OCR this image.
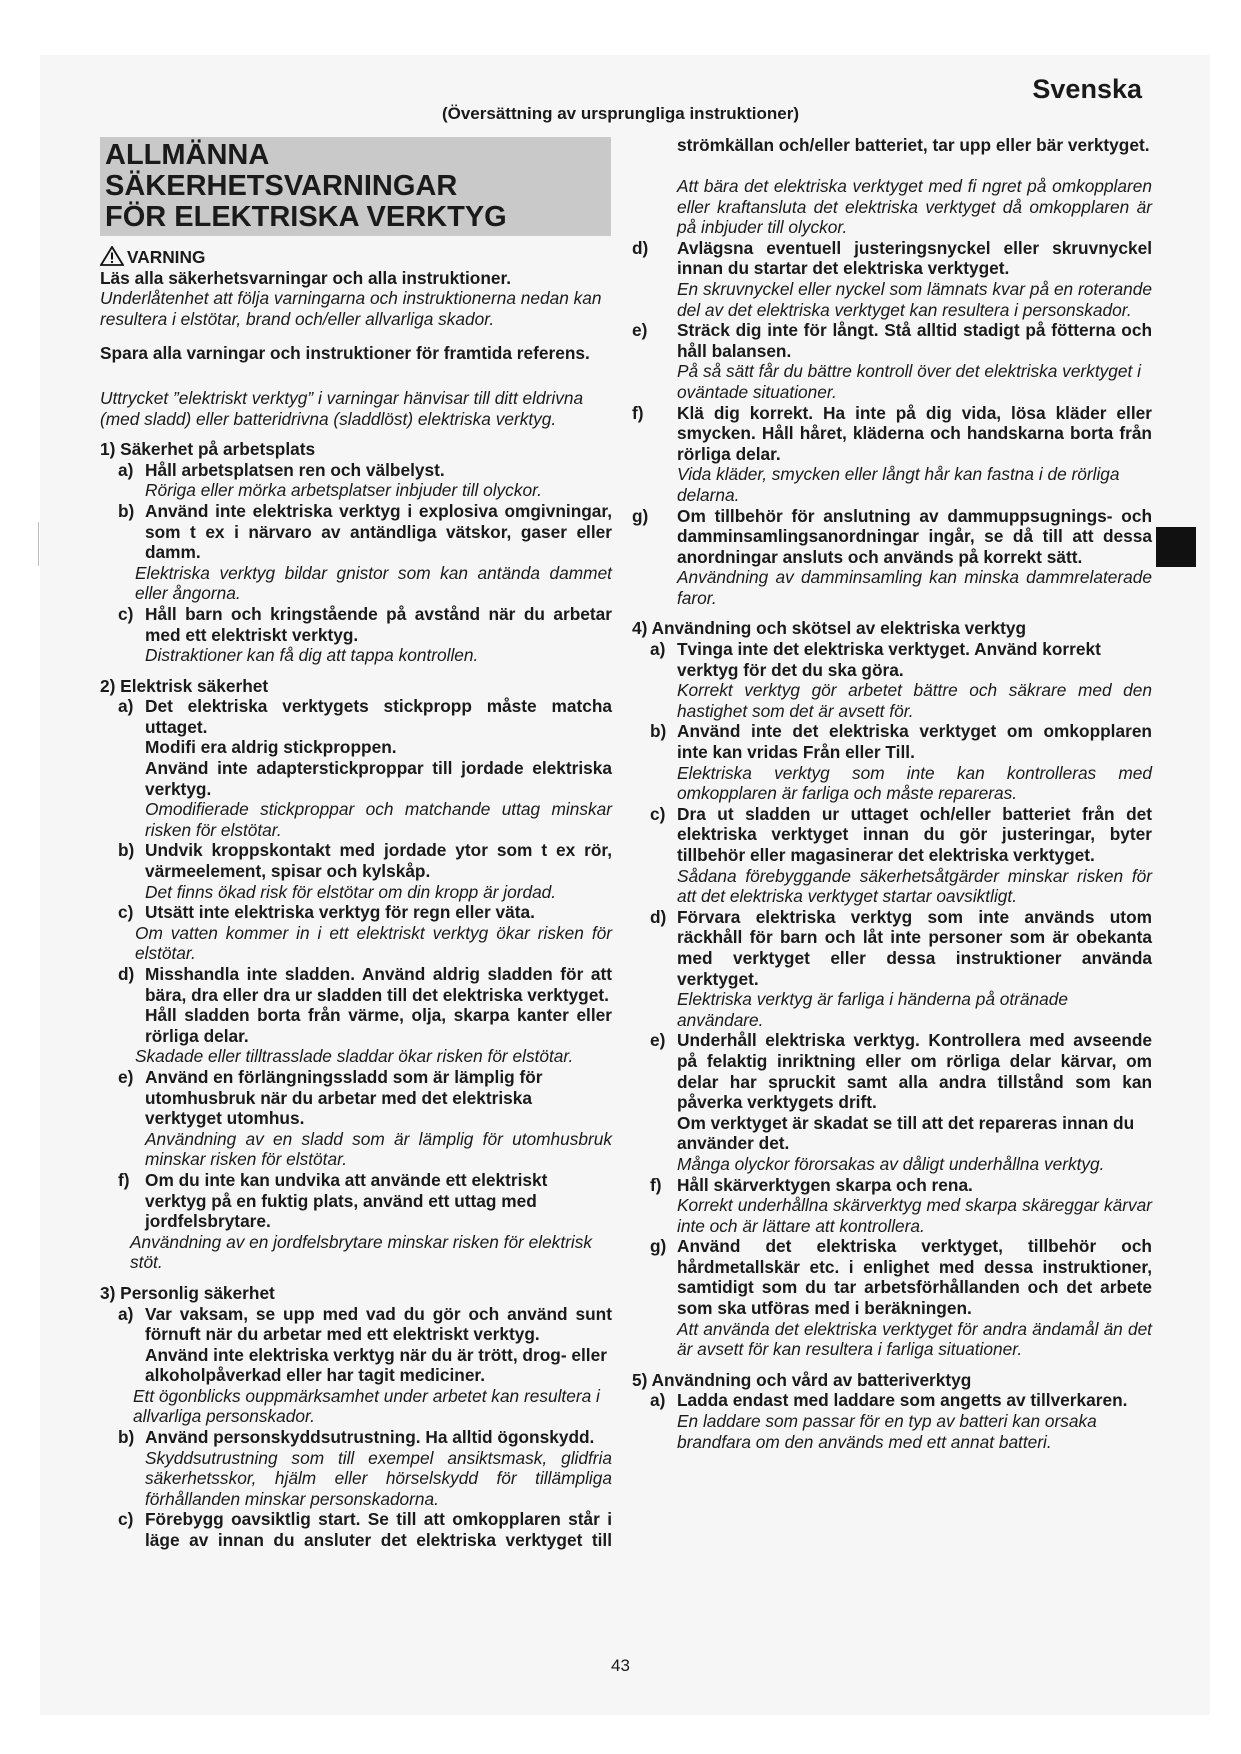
Svenska
(Översättning av ursprungliga instruktioner)
ALLMÄNNA SÄKERHETSVARNINGAR
FÖR ELEKTRISKA VERKTYG

VARNING

Läs alla säkerhetsvarningar och alla instruktioner.

Underlåtenhet att följa varningarna och instruktionerna nedan kan resultera i elstötar, brand och/eller allvarliga skador.

Spara alla varningar och instruktioner för framtida referens.

Uttrycket ”elektriskt verktyg” i varningar hänvisar till ditt eldrivna (med sladd) eller batteridrivna (sladdlöst) elektriska verktyg.

1) Säkerhet på arbetsplats

a) Håll arbetsplatsen ren och välbelyst.

Röriga eller mörka arbetsplatser inbjuder till olyckor.

b) Använd inte elektriska verktyg i explosiva omgivningar, som t ex i närvaro av antändliga vätskor, gaser eller damm.

Elektriska verktyg bildar gnistor som kan antända dammet eller ångorna.

c) Håll barn och kringstående på avstånd när du arbetar med ett elektriskt verktyg.

Distraktioner kan få dig att tappa kontrollen.

2) Elektrisk säkerhet

a) Det elektriska verktygets stickpropp måste matcha uttaget.

Modifi era aldrig stickproppen.

Använd inte adapterstickproppar till jordade elektriska verktyg.

Omodifierade stickproppar och matchande uttag minskar risken för elstötar.

b) Undvik kroppskontakt med jordade ytor som t ex rör, värmeelement, spisar och kylskåp.

Det finns ökad risk för elstötar om din kropp är jordad.

c) Utsätt inte elektriska verktyg för regn eller väta.

Om vatten kommer in i ett elektriskt verktyg ökar risken för elstötar.

d) Misshandla inte sladden. Använd aldrig sladden för att bära, dra eller dra ur sladden till det elektriska verktyget.

Håll sladden borta från värme, olja, skarpa kanter eller rörliga delar.

Skadade eller tilltrasslade sladdar ökar risken för elstötar.

e) Använd en förlängningssladd som är lämplig för utomhusbruk när du arbetar med det elektriska verktyget utomhus.

Användning av en sladd som är lämplig för utomhusbruk minskar risken för elstötar.

f) Om du inte kan undvika att använde ett elektriskt verktyg på en fuktig plats, använd ett uttag med jordfelsbrytare.

Användning av en jordfelsbrytare minskar risken för elektrisk stöt.

3) Personlig säkerhet

a) Var vaksam, se upp med vad du gör och använd sunt förnuft när du arbetar med ett elektriskt verktyg.

Använd inte elektriska verktyg när du är trött, drog- eller alkoholpåverkad eller har tagit mediciner.

Ett ögonblicks ouppmärksamhet under arbetet kan resultera i allvarliga personskador.

b) Använd personskyddsutrustning. Ha alltid ögonskydd.

Skyddsutrustning som till exempel ansiktsmask, glidfria säkerhetsskor, hjälm eller hörselskydd för tillämpliga förhållanden minskar personskadorna.

c) Förebygg oavsiktlig start. Se till att omkopplaren står i läge av innan du ansluter det elektriska verktyget till
strömkällan och/eller batteriet, tar upp eller bär verktyget.

Att bära det elektriska verktyget med fi ngret på omkopplaren eller kraftansluta det elektriska verktyget då omkopplaren är på inbjuder till olyckor.

d) Avlägsna eventuell justeringsnyckel eller skruvnyckel innan du startar det elektriska verktyget.

En skruvnyckel eller nyckel som lämnats kvar på en roterande del av det elektriska verktyget kan resultera i personskador.

e) Sträck dig inte för långt. Stå alltid stadigt på fötterna och håll balansen.

På så sätt får du bättre kontroll över det elektriska verktyget i oväntade situationer.

f) Klä dig korrekt. Ha inte på dig vida, lösa kläder eller smycken. Håll håret, kläderna och handskarna borta från rörliga delar.

Vida kläder, smycken eller långt hår kan fastna i de rörliga delarna.

g) Om tillbehör för anslutning av dammuppsugnings- och damminsamlingsanordningar ingår, se då till att dessa anordningar ansluts och används på korrekt sätt.

Användning av damminsamling kan minska dammrelaterade faror.

4) Användning och skötsel av elektriska verktyg

a) Tvinga inte det elektriska verktyget. Använd korrekt verktyg för det du ska göra.

Korrekt verktyg gör arbetet bättre och säkrare med den hastighet som det är avsett för.

b) Använd inte det elektriska verktyget om omkopplaren inte kan vridas Från eller Till.

Elektriska verktyg som inte kan kontrolleras med omkopplaren är farliga och måste repareras.

c) Dra ut sladden ur uttaget och/eller batteriet från det elektriska verktyget innan du gör justeringar, byter tillbehör eller magasinerar det elektriska verktyget.

Sådana förebyggande säkerhetsåtgärder minskar risken för att det elektriska verktyget startar oavsiktligt.

d) Förvara elektriska verktyg som inte används utom räckhåll för barn och låt inte personer som är obekanta med verktyget eller dessa instruktioner använda verktyget.

Elektriska verktyg är farliga i händerna på otränade användare.

e) Underhåll elektriska verktyg. Kontrollera med avseende på felaktig inriktning eller om rörliga delar kärvar, om delar har spruckit samt alla andra tillstånd som kan påverka verktygets drift.

Om verktyget är skadat se till att det repareras innan du använder det.

Många olyckor förorsakas av dåligt underhållna verktyg.

f) Håll skärverktygen skarpa och rena.

Korrekt underhållna skärverktyg med skarpa skäreggar kärvar inte och är lättare att kontrollera.

g) Använd det elektriska verktyget, tillbehör och hårdmetallskär etc. i enlighet med dessa instruktioner, samtidigt som du tar arbetsförhållanden och det arbete som ska utföras med i beräkningen.

Att använda det elektriska verktyget för andra ändamål än det är avsett för kan resultera i farliga situationer.

5) Användning och vård av batteriverktyg

a) Ladda endast med laddare som angetts av tillverkaren.

En laddare som passar för en typ av batteri kan orsaka brandfara om den används med ett annat batteri.

43
